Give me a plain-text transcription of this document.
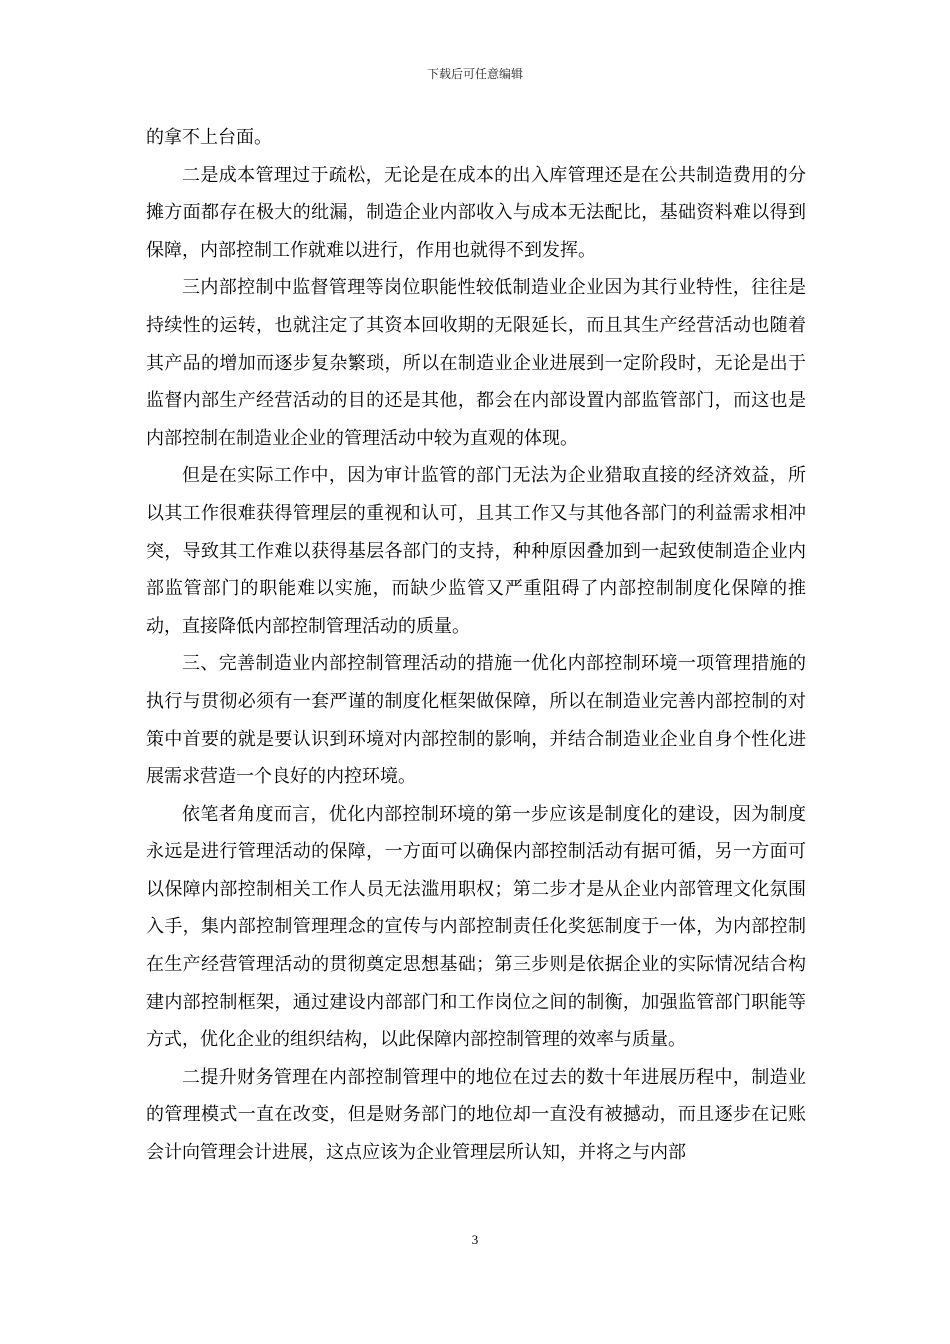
下载后可任意编辑

的拿不上台面。

二是成本管理过于疏松，无论是在成本的出入库管理还是在公共制造费用的分摊方面都存在极大的纰漏，制造企业内部收入与成本无法配比，基础资料难以得到保障，内部控制工作就难以进行，作用也就得不到发挥。

三内部控制中监督管理等岗位职能性较低制造业企业因为其行业特性，往往是持续性的运转，也就注定了其资本回收期的无限延长，而且其生产经营活动也随着其产品的增加而逐步复杂繁琐，所以在制造业企业进展到一定阶段时，无论是出于监督内部生产经营活动的目的还是其他，都会在内部设置内部监管部门，而这也是内部控制在制造业企业的管理活动中较为直观的体现。

但是在实际工作中，因为审计监管的部门无法为企业猎取直接的经济效益，所以其工作很难获得管理层的重视和认可，且其工作又与其他各部门的利益需求相冲突，导致其工作难以获得基层各部门的支持，种种原因叠加到一起致使制造企业内部监管部门的职能难以实施，而缺少监管又严重阻碍了内部控制制度化保障的推动，直接降低内部控制管理活动的质量。

三、完善制造业内部控制管理活动的措施一优化内部控制环境一项管理措施的执行与贯彻必须有一套严谨的制度化框架做保障，所以在制造业完善内部控制的对策中首要的就是要认识到环境对内部控制的影响，并结合制造业企业自身个性化进展需求营造一个良好的内控环境。

依笔者角度而言，优化内部控制环境的第一步应该是制度化的建设，因为制度永远是进行管理活动的保障，一方面可以确保内部控制活动有据可循，另一方面可以保障内部控制相关工作人员无法滥用职权；第二步才是从企业内部管理文化氛围入手，集内部控制管理理念的宣传与内部控制责任化奖惩制度于一体，为内部控制在生产经营管理活动的贯彻奠定思想基础；第三步则是依据企业的实际情况结合构建内部控制框架，通过建设内部部门和工作岗位之间的制衡，加强监管部门职能等方式，优化企业的组织结构，以此保障内部控制管理的效率与质量。

二提升财务管理在内部控制管理中的地位在过去的数十年进展历程中，制造业的管理模式一直在改变，但是财务部门的地位却一直没有被撼动，而且逐步在记账会计向管理会计进展，这点应该为企业管理层所认知，并将之与内部

3
